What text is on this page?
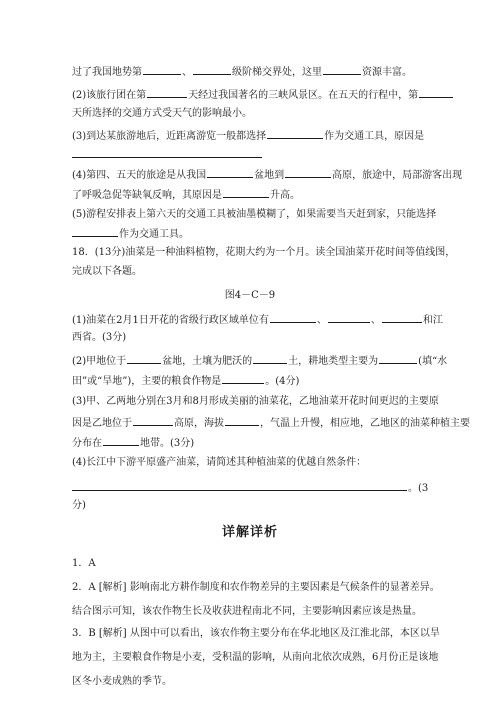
过了我国地势第	、	级阶梯交界处，这里	资源丰富。
(2)该旅行团在第	天经过我国著名的三峡风景区。在五天的行程中，第
天所选择的交通方式受天气的影响最小。
(3)到达某旅游地后，近距离游览一般都选择	作为交通工具，原因是
(4)第四、五天的旅途是从我国	盆地到	高原，旅途中，局部游客出现
了呼吸急促等缺氧反响，其原因是	升高。
(5)游程安排表上第六天的交通工具被油墨模糊了，如果需要当天赶到家，只能选择
作为交通工具。
18．(13分)油菜是一种油料植物，花期大约为一个月。读全国油菜开花时间等值线图，
完成以下各题。
图4－C－9
(1)油菜在2月1日开花的省级行政区域单位有	、	、	和江
西省。(3分)
(2)甲地位于	盆地，土壤为肥沃的	土，耕地类型主要为	(填“水
田”或“旱地”)，主要的粮食作物是	。(4分)
(3)甲、乙两地分别在3月和8月形成美丽的油菜花，乙地油菜开花时间更迟的主要原
因是乙地位于	高原，海拔	，气温上升慢，相应地，乙地区的油菜种植主要
分布在	地带。(3分)
(4)长江中下游平原盛产油菜，请简述其种植油菜的优越自然条件：
。(3
分)
详解详析
1．A
2．A [解析] 影响南北方耕作制度和农作物差异的主要因素是气候条件的显著差异。结合图示可知，该农作物生长及收获进程南北不同，主要影响因素应该是热量。
3．B [解析] 从图中可以看出，该农作物主要分布在华北地区及江淮北部，本区以旱地为主，主要粮食作物是小麦，受积温的影响，从南向北依次成熟，6月份正是该地区冬小麦成熟的季节。
